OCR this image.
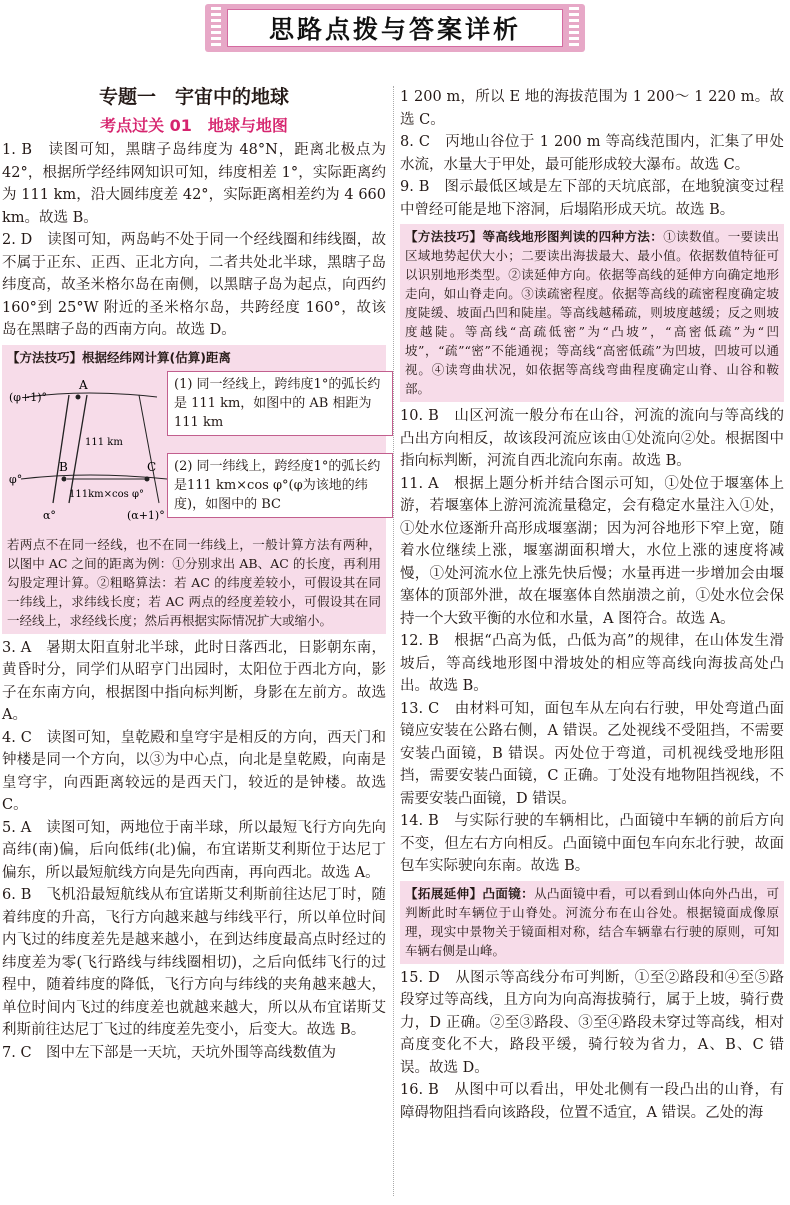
思路点拨与答案详析
专题一　宇宙中的地球
考点过关 01　地球与地图

1. B　读图可知，黑瞎子岛纬度为 48°N，距离北极点为 42°，根据所学经纬网知识可知，纬度相差 1°，实际距离约为 111 km，沿大圆纬度差 42°，实际距离相差约为 4 660 km。故选 B。

2. D　读图可知，两岛屿不处于同一个经线圈和纬线圈，故不属于正东、正西、正北方向，二者共处北半球，黑瞎子岛纬度高，故圣米格尔岛在南侧，以黑瞎子岛为起点，向西约 160°到 25°W 附近的圣米格尔岛，共跨经度 160°，故该岛在黑瞎子岛的西南方向。故选 D。

【方法技巧】根据经纬网计算(估算)距离
A
B	C
(φ+1)°
φ°
α°	(α+1)°
111 km
111km×cos φ°
(1) 同一经线上，跨纬度1°的弧长约是 111 km，如图中的 AB 相距为 111 km
(2) 同一纬线上，跨经度1°的弧长约是111 km×cos φ°(φ为该地的纬度)，如图中的 BC
若两点不在同一经线，也不在同一纬线上，一般计算方法有两种，以图中 AC 之间的距离为例：①分别求出 AB、AC 的长度，再利用勾股定理计算。②粗略算法：若 AC 的纬度差较小，可假设其在同一纬线上，求纬线长度；若 AC 两点的经度差较小，可假设其在同一经线上，求经线长度；然后再根据实际情况扩大或缩小。

3. A　暑期太阳直射北半球，此时日落西北，日影朝东南，黄昏时分，同学们从昭亨门出园时，太阳位于西北方向，影子在东南方向，根据图中指向标判断，身影在左前方。故选 A。

4. C　读图可知，皇乾殿和皇穹宇是相反的方向，西天门和钟楼是同一个方向，以③为中心点，向北是皇乾殿，向南是皇穹宇，向西距离较远的是西天门，较近的是钟楼。故选 C。

5. A　读图可知，两地位于南半球，所以最短飞行方向先向高纬(南)偏，后向低纬(北)偏，布宜诺斯艾利斯位于达尼丁偏东，所以最短航线方向是先向西南，再向西北。故选 A。

6. B　飞机沿最短航线从布宜诺斯艾利斯前往达尼丁时，随着纬度的升高，飞行方向越来越与纬线平行，所以单位时间内飞过的纬度差先是越来越小，在到达纬度最高点时经过的纬度差为零(飞行路线与纬线圈相切)，之后向低纬飞行的过程中，随着纬度的降低，飞行方向与纬线的夹角越来越大，单位时间内飞过的纬度差也就越来越大，所以从布宜诺斯艾利斯前往达尼丁飞过的纬度差先变小，后变大。故选 B。

7. C　图中左下部是一天坑，天坑外围等高线数值为

1 200 m，所以 E 地的海拔范围为 1 200～ 1 220 m。故选 C。

8. C　丙地山谷位于 1 200 m 等高线范围内，汇集了甲处水流，水量大于甲处，最可能形成较大瀑布。故选 C。

9. B　图示最低区域是左下部的天坑底部，在地貌演变过程中曾经可能是地下溶洞，后塌陷形成天坑。故选 B。

【方法技巧】等高线地形图判读的四种方法：①读数值。一要读出区域地势起伏大小；二要读出海拔最大、最小值。依据数值特征可以识别地形类型。②读延伸方向。依据等高线的延伸方向确定地形走向，如山脊走向。③读疏密程度。依据等高线的疏密程度确定坡度陡缓、坡面凸凹和陡崖。等高线越稀疏，则坡度越缓；反之则坡度越陡。等高线“高疏低密”为“凸坡”，“高密低疏”为“凹坡”，“疏”“密”不能通视；等高线“高密低疏”为凹坡，凹坡可以通视。④读弯曲状况，如依据等高线弯曲程度确定山脊、山谷和鞍部。

10. B　山区河流一般分布在山谷，河流的流向与等高线的凸出方向相反，故该段河流应该由①处流向②处。根据图中指向标判断，河流自西北流向东南。故选 B。

11. A　根据上题分析并结合图示可知，①处位于堰塞体上游，若堰塞体上游河流流量稳定，会有稳定水量注入①处，①处水位逐渐升高形成堰塞湖；因为河谷地形下窄上宽，随着水位继续上涨，堰塞湖面积增大，水位上涨的速度将减慢，①处河流水位上涨先快后慢；水量再进一步增加会由堰塞体的顶部外泄，故在堰塞体自然崩溃之前，①处水位会保持一个大致平衡的水位和水量，A 图符合。故选 A。

12. B　根据“凸高为低，凸低为高”的规律，在山体发生滑坡后，等高线地形图中滑坡处的相应等高线向海拔高处凸出。故选 B。

13. C　由材料可知，面包车从左向右行驶，甲处弯道凸面镜应安装在公路右侧，A 错误。乙处视线不受阻挡，不需要安装凸面镜，B 错误。丙处位于弯道，司机视线受地形阻挡，需要安装凸面镜，C 正确。丁处没有地物阻挡视线，不需要安装凸面镜，D 错误。

14. B　与实际行驶的车辆相比，凸面镜中车辆的前后方向不变，但左右方向相反。凸面镜中面包车向东北行驶，故面包车实际驶向东南。故选 B。

【拓展延伸】凸面镜：从凸面镜中看，可以看到山体向外凸出，可判断此时车辆位于山脊处。河流分布在山谷处。根据镜面成像原理，现实中景物关于镜面相对称，结合车辆靠右行驶的原则，可知车辆右侧是山峰。

15. D　从图示等高线分布可判断，①至②路段和④至⑤路段穿过等高线，且方向为向高海拔骑行，属于上坡，骑行费力，D 正确。②至③路段、③至④路段未穿过等高线，相对高度变化不大，路段平缓，骑行较为省力，A、B、C 错误。故选 D。

16. B　从图中可以看出，甲处北侧有一段凸出的山脊，有障碍物阻挡看向该路段，位置不适宜，A 错误。乙处的海
